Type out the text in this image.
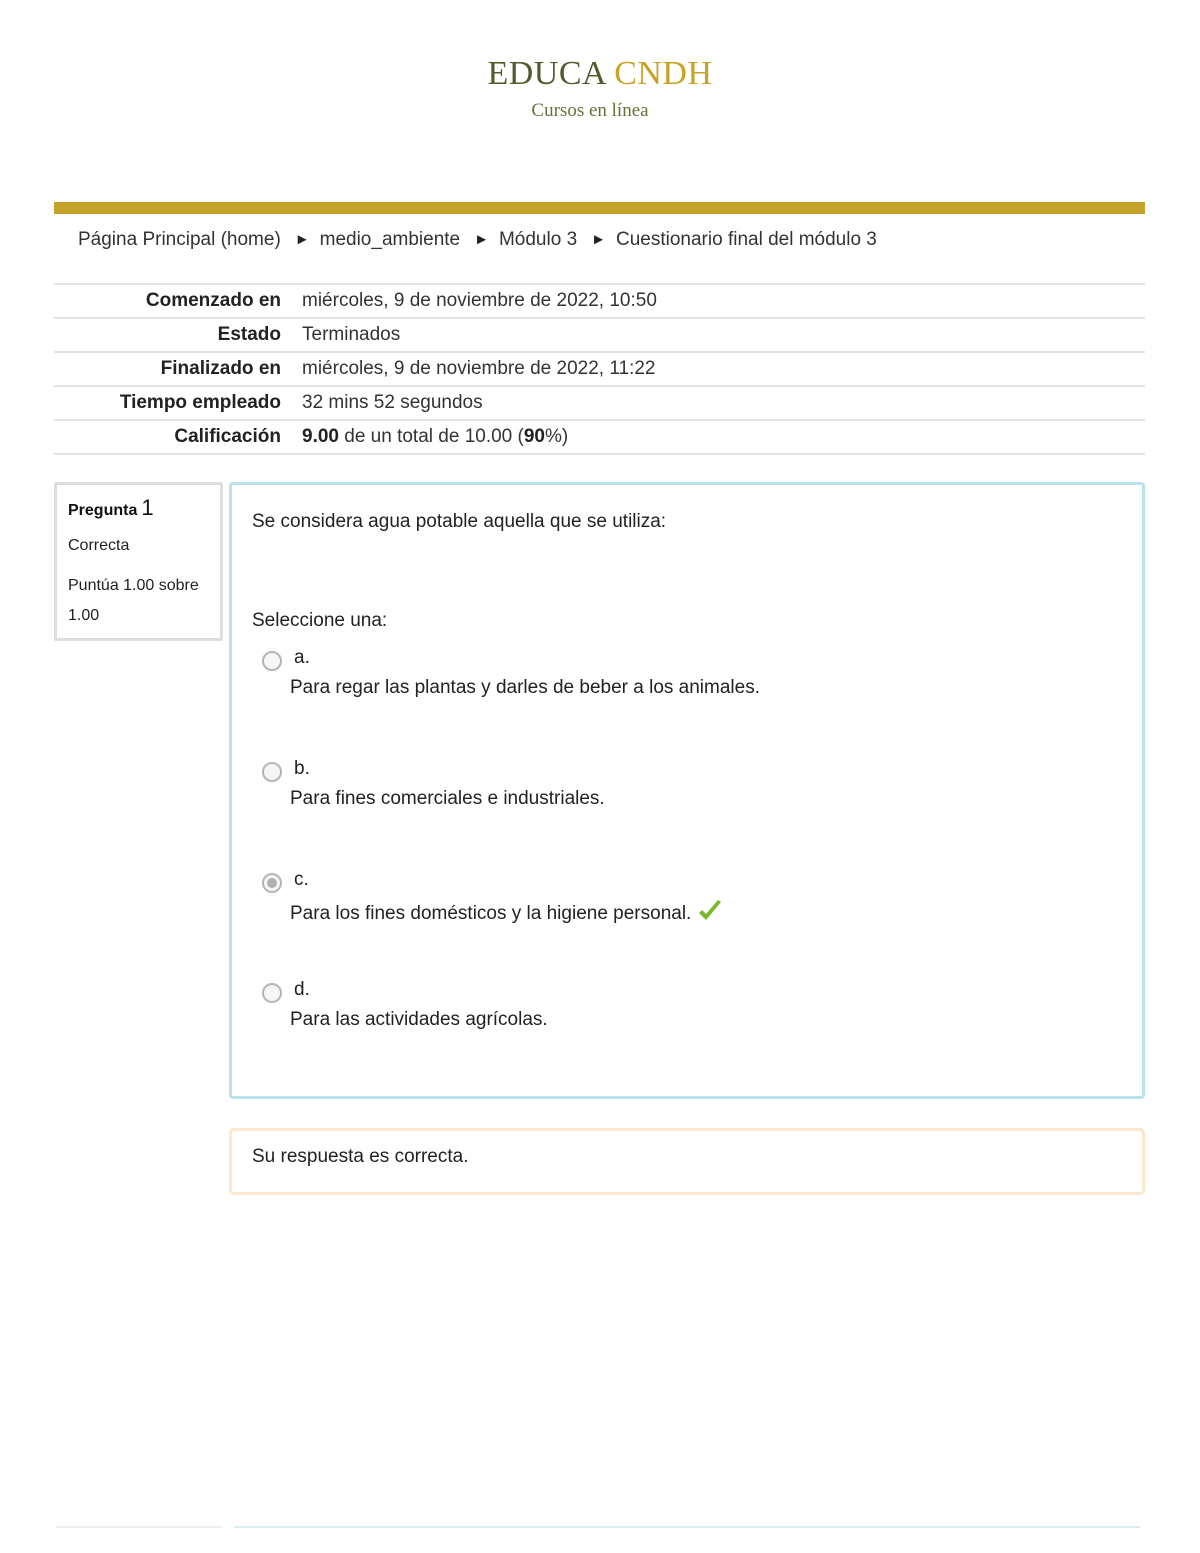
EDUCA CNDH
Cursos en línea
Página Principal (home) ► medio_ambiente ► Módulo 3 ► Cuestionario final del módulo 3
Comenzado en miércoles, 9 de noviembre de 2022, 10:50
Estado Terminados
Finalizado en miércoles, 9 de noviembre de 2022, 11:22
Tiempo empleado 32 mins 52 segundos
Calificación 9.00 de un total de 10.00 (90%)
Pregunta 1
Correcta
Puntúa 1.00 sobre 1.00
Se considera agua potable aquella que se utiliza:
Seleccione una:
a.
Para regar las plantas y darles de beber a los animales.
b.
Para fines comerciales e industriales.
c.
Para los fines domésticos y la higiene personal.
d.
Para las actividades agrícolas.
Su respuesta es correcta.
